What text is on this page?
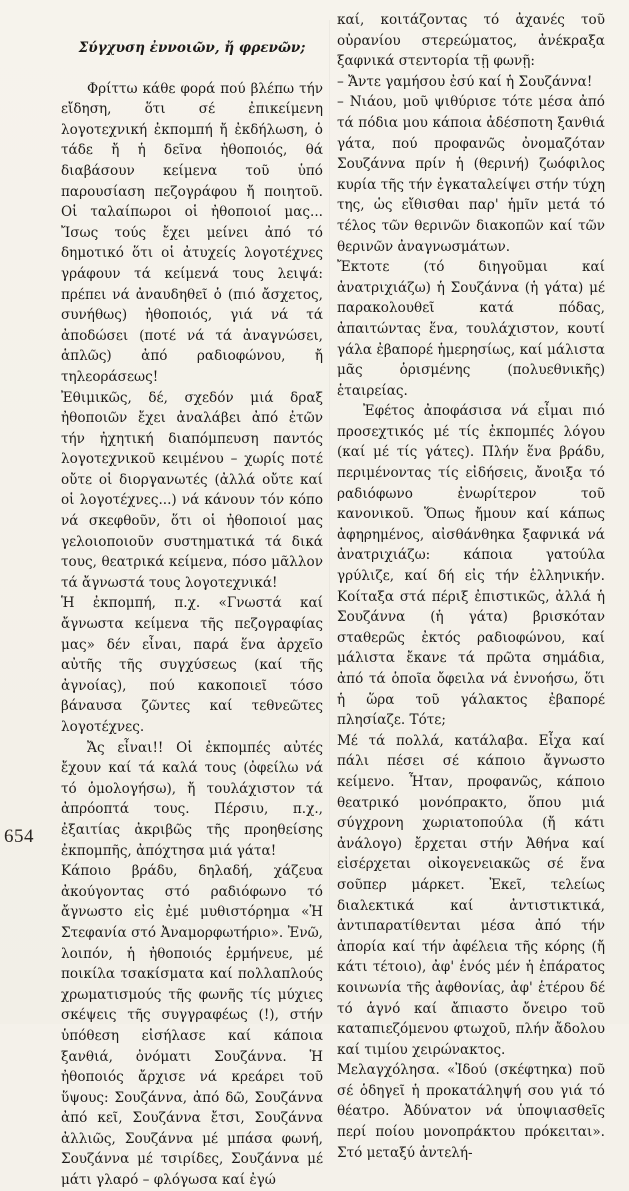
Σύγχυση ἐννοιῶν, ἤ φρενῶν;

Φρίττω κάθε φορά πού βλέπω τήν εἴδηση, ὅτι σέ ἐπικείμενη λογοτεχνική ἐκπομπή ἤ ἐκδήλωση, ὁ τάδε ἤ ἡ δεῖνα ἠθοποιός, θά διαβάσουν κείμενα τοῦ ὑπό παρουσίαση πεζογράφου ἤ ποιητοῦ. Οἱ ταλαίπωροι οἱ ἠθοποιοί μας... Ἴσως τούς ἔχει μείνει ἀπό τό δημοτικό ὅτι οἱ ἀτυχείς λογοτέχνες γράφουν τά κείμενά τους λειψά: πρέπει νά ἀναυδηθεῖ ὁ (πιό ἄσχετος, συνήθως) ἠθοποιός, γιά νά τά ἀποδώσει (ποτέ νά τά ἀναγνώσει, ἁπλῶς) ἀπό ραδιοφώνου, ἤ τηλεοράσεως!

Ἐθιμικῶς, δέ, σχεδόν μιά δραξ ἠθοποιῶν ἔχει ἀναλάβει ἀπό ἐτῶν τήν ἠχητική διαπόμπευση παντός λογοτεχνικοῦ κειμένου – χωρίς ποτέ οὔτε οἱ διοργανωτές (ἀλλά οὔτε καί οἱ λογοτέχνες...) νά κάνουν τόν κόπο νά σκεφθοῦν, ὅτι οἱ ἠθοποιοί μας γελοιοποιοῦν συστηματικά τά δικά τους, θεατρικά κείμενα, πόσο μᾶλλον τά ἄγνωστά τους λογοτεχνικά!

Ἡ ἐκπομπή, π.χ. «Γνωστά καί ἄγνωστα κείμενα τῆς πεζογραφίας μας» δέν εἶναι, παρά ἕνα ἀρχεῖο αὐτῆς τῆς συγχύσεως (καί τῆς ἀγνοίας), πού κακοποιεῖ τόσο βάναυσα ζῶντες καί τεθνεῶτες λογοτέχνες.

Ἄς εἶναι!! Οἱ ἐκπομπές αὐτές ἔχουν καί τά καλά τους (ὀφείλω νά τό ὁμολογήσω), ἤ τουλάχιστον τά ἀπρόοπτά τους. Πέρσιυ, π.χ., ἐξαιτίας ἀκριβῶς τῆς προηθείσης ἐκπομπῆς, ἀπόχτησα μιά γάτα!

Κάποιο βράδυ, δηλαδή, χάζευα ἀκούγοντας στό ραδιόφωνο τό ἄγνωστο εἰς ἐμέ μυθιστόρημα «Ἡ Στεφανία στό Ἀναμορφωτήριο». Ἐνῶ, λοιπόν, ἡ ἠθοποιός ἑρμήνευε, μέ ποικίλα τσακίσματα καί πολλαπλούς χρωματισμούς τῆς φωνῆς τίς μύχιες σκέψεις τῆς συγγραφέως (!), στήν ὑπόθεση εἰσήλασε καί κάποια ξανθιά, ὀνόματι Σουζάννα. Ἡ ἠθοποιός ἄρχισε νά κρεάρει τοῦ ὕψους: Σουζάννα, ἀπό δῶ, Σουζάννα ἀπό κεῖ, Σουζάννα ἔτσι, Σουζάννα ἀλλιῶς, Σουζάννα μέ μπάσα φωνή, Σουζάννα μέ τσιρίδες, Σουζάννα μέ μάτι γλαρό – φλόγωσα καί ἐγώ

καί, κοιτάζοντας τό ἀχανές τοῦ οὐρανίου στερεώματος, ἀνέκραξα ξαφνικά στεντορία τῇ φωνῇ:

– Ἄντε γαμήσου ἐσύ καί ἡ Σουζάννα!

– Νιάου, μοῦ ψιθύρισε τότε μέσα ἀπό τά πόδια μου κάποια ἀδέσποτη ξανθιά γάτα, πού προφανῶς ὀνομαζόταν Σουζάννα πρίν ἡ (θερινή) ζωόφιλος κυρία τῆς τήν ἐγκαταλείψει στήν τύχη της, ὡς εἴθισθαι παρ' ἡμῖν μετά τό τέλος τῶν θερινῶν διακοπῶν καί τῶν θερινῶν ἀναγνωσμάτων.

Ἔκτοτε (τό διηγοῦμαι καί ἀνατριχιάζω) ἡ Σουζάννα (ἡ γάτα) μέ παρακολουθεῖ κατά πόδας, ἀπαιτώντας ἕνα, τουλάχιστον, κουτί γάλα ἐβαπορέ ἡμερησίως, καί μάλιστα μᾶς ὁρισμένης (πολυεθνικῆς) ἑταιρείας.

Ἐφέτος ἀποφάσισα νά εἶμαι πιό προσεχτικός μέ τίς ἐκπομπές λόγου (καί μέ τίς γάτες). Πλήν ἕνα βράδυ, περιμένοντας τίς εἰδήσεις, ἄνοιξα τό ραδιόφωνο ἐνωρίτερον τοῦ κανονικοῦ. Ὅπως ἤμουν καί κάπως ἀφηρημένος, αἰσθάνθηκα ξαφνικά νά ἀνατριχιάζω: κάποια γατούλα γρύλιζε, καί δή εἰς τήν ἑλληνικήν. Κοίταξα στά πέριξ ἐπιστικῶς, ἀλλά ἡ Σουζάννα (ἡ γάτα) βρισκόταν σταθερῶς ἐκτός ραδιοφώνου, καί μάλιστα ἔκανε τά πρῶτα σημάδια, ἀπό τά ὁποῖα ὄφειλα νά ἐννοήσω, ὅτι ἡ ὥρα τοῦ γάλακτος ἐβαπορέ πλησίαζε. Τότε;

Μέ τά πολλά, κατάλαβα. Εἶχα καί πάλι πέσει σέ κάποιο ἄγνωστο κείμενο. Ἦταν, προφανῶς, κάποιο θεατρικό μονόπρακτο, ὅπου μιά σύγχρονη χωριατοπούλα (ἤ κάτι ἀνάλογο) ἔρχεται στήν Ἀθήνα καί εἰσέρχεται οἰκογενειακῶς σέ ἕνα σοῦπερ μάρκετ. Ἐκεῖ, τελείως διαλεκτικά καί ἀντιστικτικά, ἀντιπαρατίθενται μέσα ἀπό τήν ἀπορία καί τήν ἀφέλεια τῆς κόρης (ἤ κάτι τέτοιο), ἀφ' ἑνός μέν ἡ ἐπάρατος κοινωνία τῆς ἀφθονίας, ἀφ' ἑτέρου δέ τό ἁγνό καί ἄπιαστο ὄνειρο τοῦ καταπιεζόμενου φτωχοῦ, πλήν ἄδολου καί τιμίου χειρώνακτος.

Μελαγχόλησα. «Ἰδού (σκέφτηκα) ποῦ σέ ὁδηγεῖ ἡ προκατάληψή σου γιά τό θέατρο. Ἀδύνατον νά ὑποψιασθεῖς περί ποίου μονοπράκτου πρόκειται». Στό μεταξύ ἀντελή-

654
